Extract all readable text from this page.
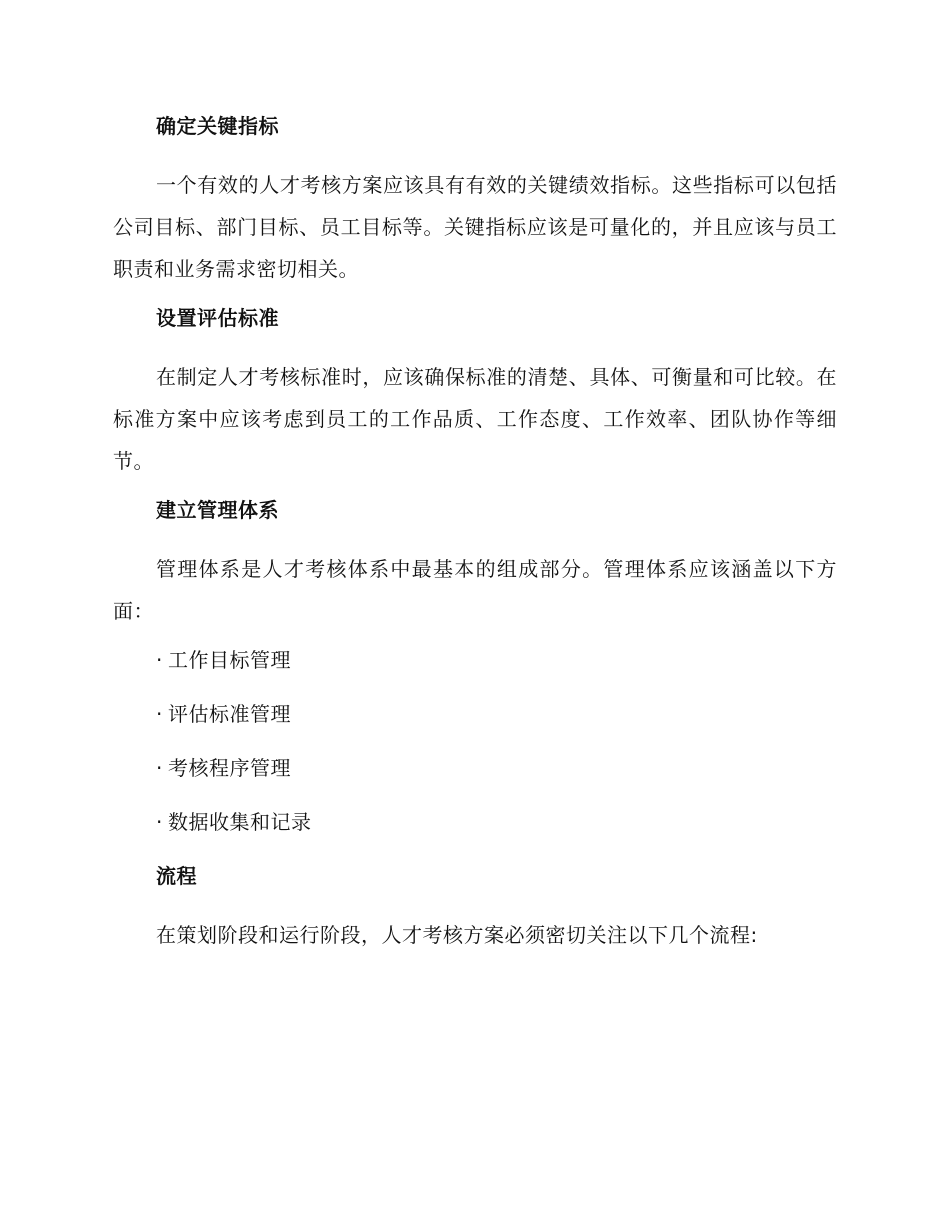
确定关键指标

一个有效的人才考核方案应该具有有效的关键绩效指标。这些指标可以包括公司目标、部门目标、员工目标等。关键指标应该是可量化的，并且应该与员工职责和业务需求密切相关。

设置评估标准

在制定人才考核标准时，应该确保标准的清楚、具体、可衡量和可比较。在标准方案中应该考虑到员工的工作品质、工作态度、工作效率、团队协作等细节。

建立管理体系

管理体系是人才考核体系中最基本的组成部分。管理体系应该涵盖以下方面：

· 工作目标管理
· 评估标准管理
· 考核程序管理
· 数据收集和记录
流程

在策划阶段和运行阶段，人才考核方案必须密切关注以下几个流程:
